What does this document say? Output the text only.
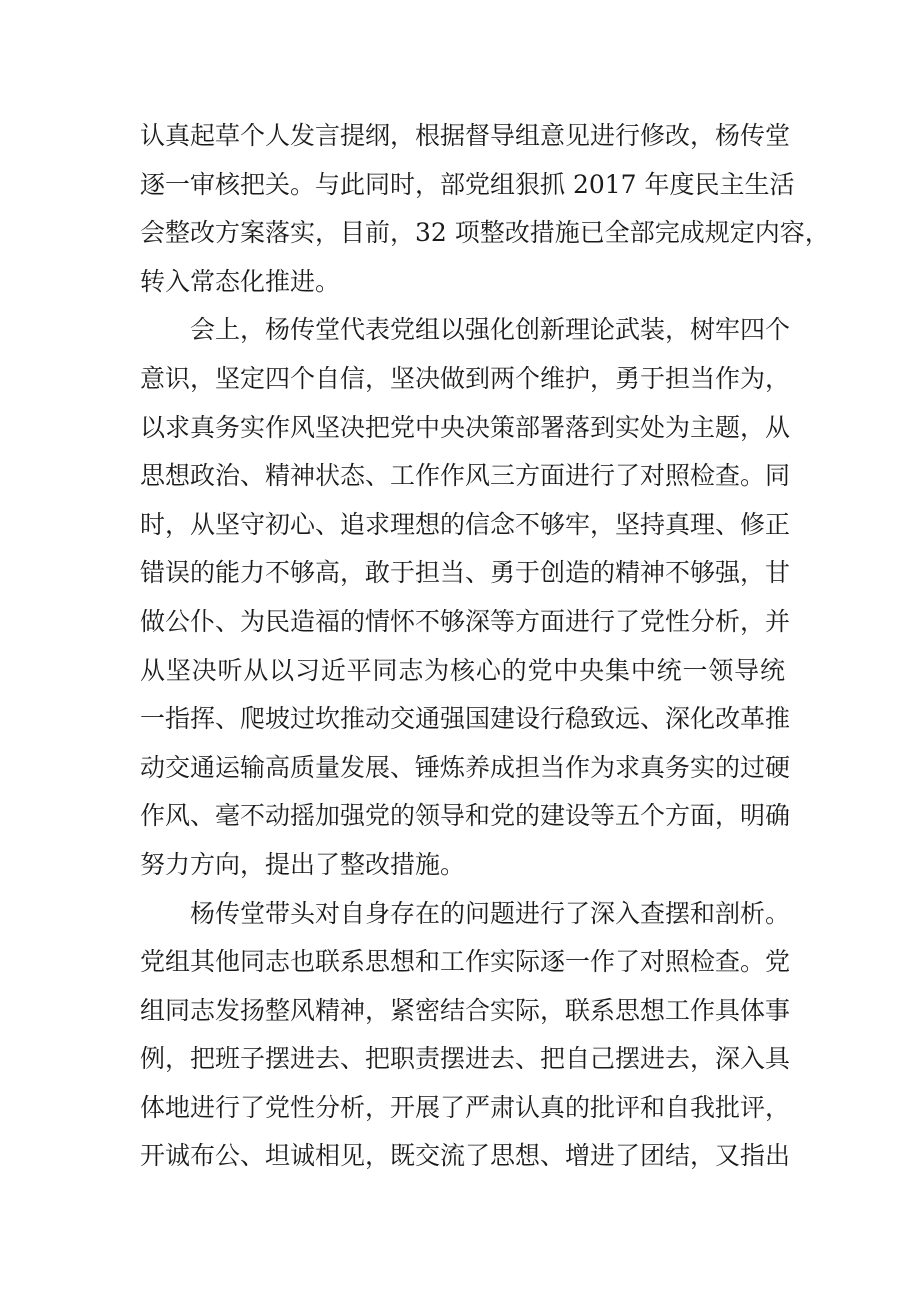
认真起草个人发言提纲，根据督导组意见进行修改，杨传堂
逐一审核把关。与此同时，部党组狠抓 2017 年度民主生活
会整改方案落实，目前，32 项整改措施已全部完成规定内容，
转入常态化推进。
会上，杨传堂代表党组以强化创新理论武装，树牢四个
意识，坚定四个自信，坚决做到两个维护，勇于担当作为，
以求真务实作风坚决把党中央决策部署落到实处为主题，从
思想政治、精神状态、工作作风三方面进行了对照检查。同
时，从坚守初心、追求理想的信念不够牢，坚持真理、修正
错误的能力不够高，敢于担当、勇于创造的精神不够强，甘
做公仆、为民造福的情怀不够深等方面进行了党性分析，并
从坚决听从以习近平同志为核心的党中央集中统一领导统
一指挥、爬坡过坎推动交通强国建设行稳致远、深化改革推
动交通运输高质量发展、锤炼养成担当作为求真务实的过硬
作风、毫不动摇加强党的领导和党的建设等五个方面，明确
努力方向，提出了整改措施。
杨传堂带头对自身存在的问题进行了深入查摆和剖析。
党组其他同志也联系思想和工作实际逐一作了对照检查。党
组同志发扬整风精神，紧密结合实际，联系思想工作具体事
例，把班子摆进去、把职责摆进去、把自己摆进去，深入具
体地进行了党性分析，开展了严肃认真的批评和自我批评，
开诚布公、坦诚相见，既交流了思想、增进了团结，又指出
